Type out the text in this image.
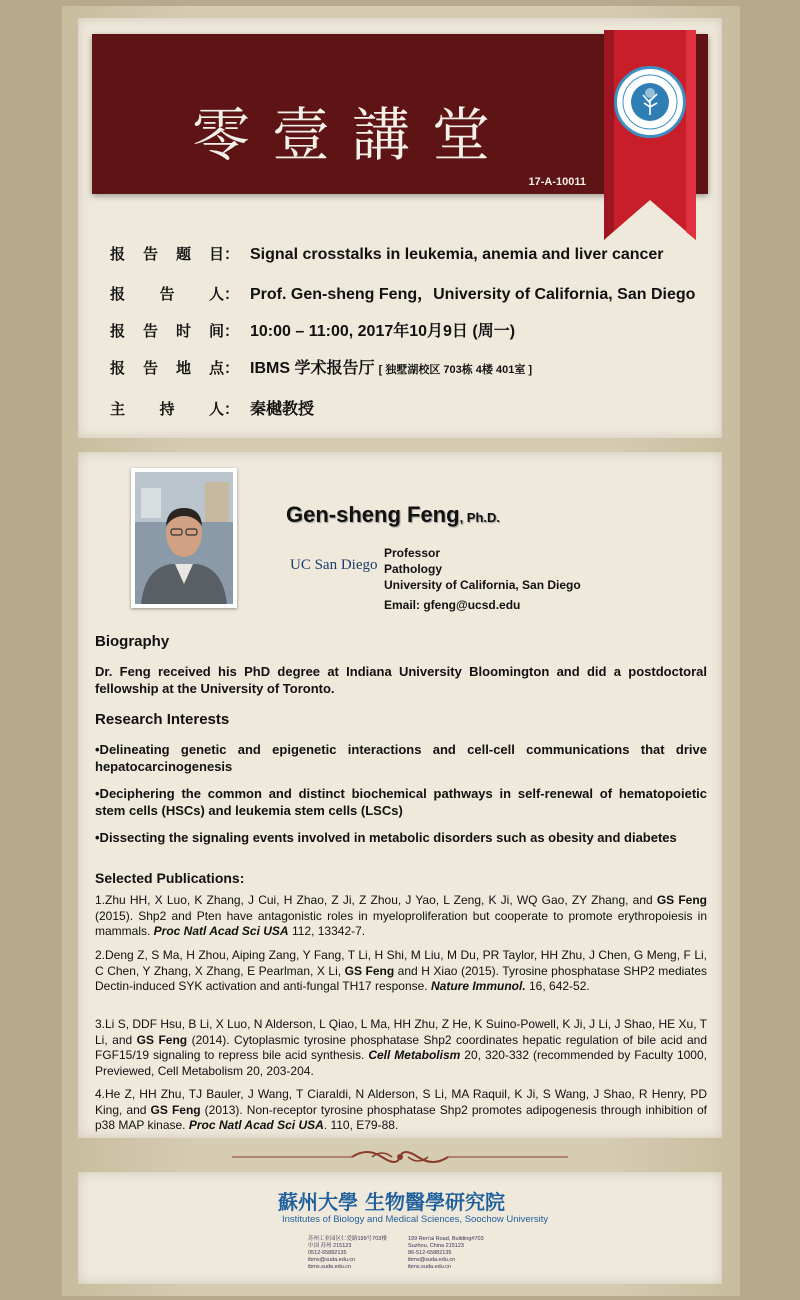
零壹講堂
17-A-10011
报告题目： Signal crosstalks in leukemia, anemia and liver cancer
报告人： Prof. Gen-sheng Feng，University of California, San Diego
报告时间： 10:00 – 11:00, 2017年10月9日 (周一)
报告地点： IBMS 学术报告厅 [ 独墅湖校区 703栋 4楼 401室 ]
主持人： 秦樾教授
Gen-sheng Feng, Ph.D.
UC San Diego
Professor
Pathology
University of California, San Diego
Email: gfeng@ucsd.edu
Biography
Dr. Feng received his PhD degree at Indiana University Bloomington and did a postdoctoral fellowship at the University of Toronto.
Research Interests
•Delineating genetic and epigenetic interactions and cell-cell communications that drive hepatocarcinogenesis
•Deciphering the common and distinct biochemical pathways in self-renewal of hematopoietic stem cells (HSCs) and leukemia stem cells (LSCs)
•Dissecting the signaling events involved in metabolic disorders such as obesity and diabetes
Selected Publications:
1.Zhu HH, X Luo, K Zhang, J Cui, H Zhao, Z Ji, Z Zhou, J Yao, L Zeng, K Ji, WQ Gao, ZY Zhang, and GS Feng (2015). Shp2 and Pten have antagonistic roles in myeloproliferation but cooperate to promote erythropoiesis in mammals. Proc Natl Acad Sci USA 112, 13342-7.
2.Deng Z, S Ma, H Zhou, Aiping Zang, Y Fang, T Li, H Shi, M Liu, M Du, PR Taylor, HH Zhu, J Chen, G Meng, F Li, C Chen, Y Zhang, X Zhang, E Pearlman, X Li, GS Feng and H Xiao (2015). Tyrosine phosphatase SHP2 mediates Dectin-induced SYK activation and anti-fungal TH17 response. Nature Immunol. 16, 642-52.
3.Li S, DDF Hsu, B Li, X Luo, N Alderson, L Qiao, L Ma, HH Zhu, Z He, K Suino-Powell, K Ji, J Li, J Shao, HE Xu, T Li, and GS Feng (2014). Cytoplasmic tyrosine phosphatase Shp2 coordinates hepatic regulation of bile acid and FGF15/19 signaling to repress bile acid synthesis. Cell Metabolism 20, 320-332 (recommended by Faculty 1000, Previewed, Cell Metabolism 20, 203-204.
4.He Z, HH Zhu, TJ Bauler, J Wang, T Ciaraldi, N Alderson, S Li, MA Raquil, K Ji, S Wang, J Shao, R Henry, PD King, and GS Feng (2013). Non-receptor tyrosine phosphatase Shp2 promotes adipogenesis through inhibition of p38 MAP kinase. Proc Natl Acad Sci USA. 110, E79-88.
蘇州大學 生物醫學研究院
Institutes of Biology and Medical Sciences, Soochow University
苏州工业园区仁爱路199号703楼
中国 苏州 215123
0512-65882135
ibms@suda.edu.cn
ibms.suda.edu.cn
199 Ren'ai Road, Building#703
Suzhou, China 215123
86-512-65882135
ibms@suda.edu.cn
ibms.suda.edu.cn
